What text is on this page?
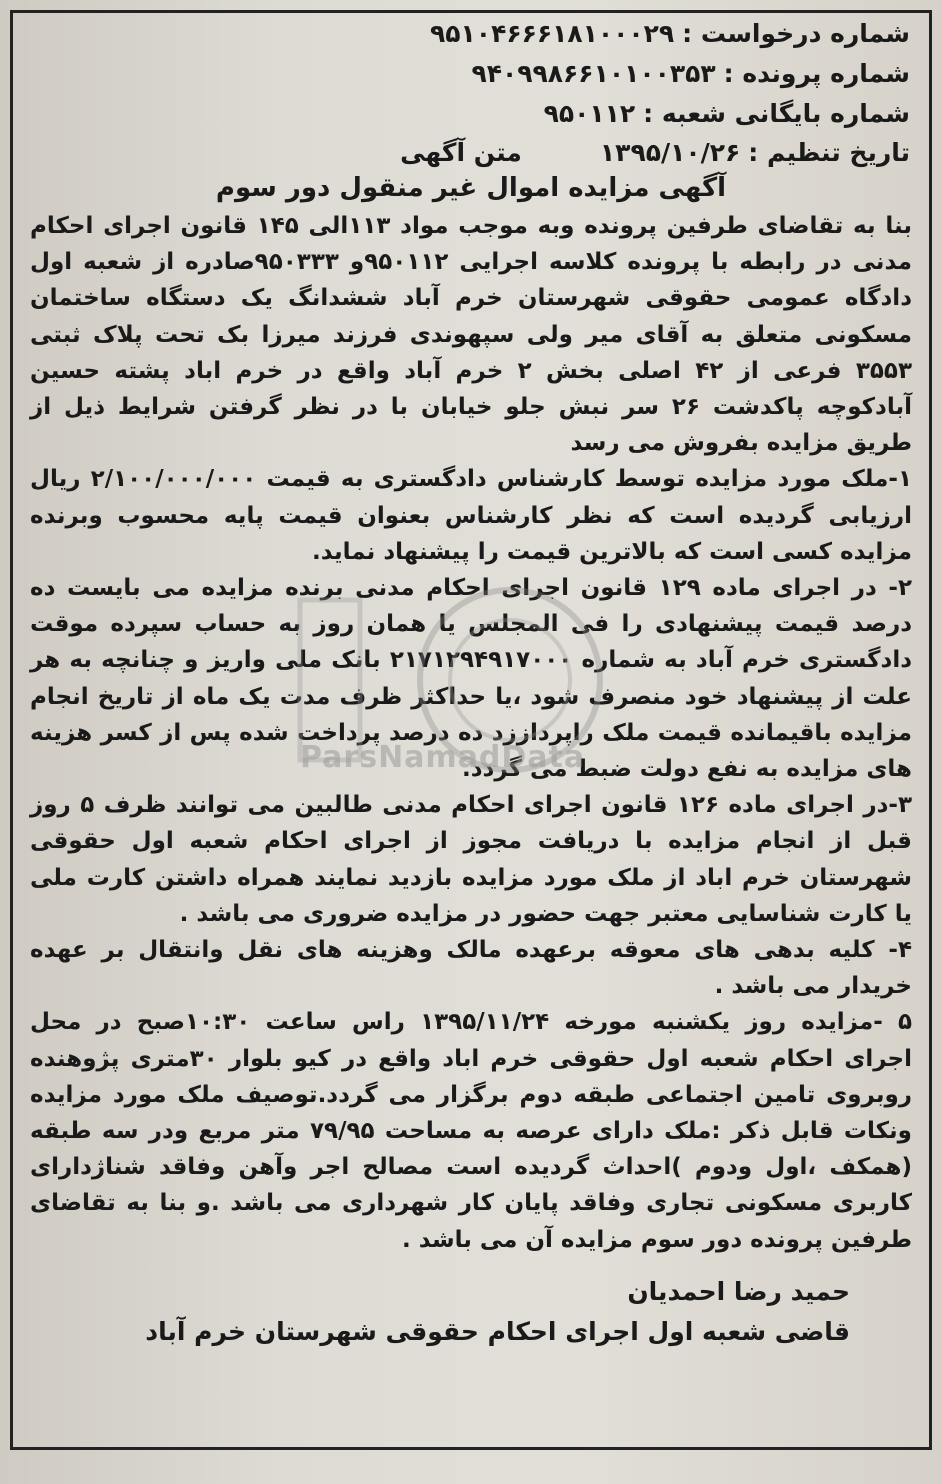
شماره درخواست :
۹۵۱۰۴۶۶۶۱۸۱۰۰۰۲۹
شماره پرونده :
۹۴۰۹۹۸۶۶۱۰۱۰۰۳۵۳
شماره بایگانی شعبه :
۹۵۰۱۱۲
تاریخ تنظیم :
۱۳۹۵/۱۰/۲۶
متن آگهی
آگهی مزایده اموال غیر منقول دور سوم

بنا به تقاضای طرفین پرونده وبه موجب مواد ۱۱۳الی ۱۴۵ قانون اجرای احکام مدنی در رابطه با پرونده کلاسه اجرایی ۹۵۰۱۱۲و ۹۵۰۳۳۳صادره از شعبه اول دادگاه عمومی حقوقی شهرستان خرم آباد ششدانگ یک دستگاه ساختمان مسکونی متعلق به آقای میر ولی سپهوندی فرزند میرزا بک تحت پلاک ثبتی ۳۵۵۳ فرعی از ۴۲ اصلی بخش ۲ خرم آباد واقع در خرم اباد پشته حسین آبادکوچه پاکدشت ۲۶ سر نبش جلو خیابان با در نظر گرفتن شرایط ذیل از طریق مزایده بفروش می رسد

۱-ملک مورد مزایده توسط کارشناس دادگستری به قیمت ۲/۱۰۰/۰۰۰/۰۰۰ ریال ارزیابی گردیده است که نظر کارشناس بعنوان قیمت پایه محسوب وبرنده مزایده کسی است که بالاترین قیمت را پیشنهاد نماید.

۲- در اجرای ماده ۱۲۹ قانون اجرای احکام مدنی برنده مزایده می بایست ده درصد قیمت پیشنهادی را فی المجلس یا همان روز به حساب سپرده موقت دادگستری خرم آباد به شماره ۲۱۷۱۲۹۴۹۱۷۰۰۰ بانک ملی واریز و چنانچه به هر علت از پیشنهاد خود منصرف شود ،یا حداکثر ظرف مدت یک ماه از تاریخ انجام مزایده باقیمانده قیمت ملک راپرداززد ده درصد پرداخت شده پس از کسر هزینه های مزایده به نفع دولت ضبط می گردد.

۳-در اجرای ماده ۱۲۶ قانون اجرای احکام مدنی طالبین می توانند ظرف ۵ روز قبل از انجام مزایده با دریافت مجوز از اجرای احکام شعبه اول حقوقی شهرستان خرم اباد از ملک مورد مزایده بازدید نمایند همراه داشتن کارت ملی یا کارت شناسایی معتبر جهت حضور در مزایده ضروری می باشد .

۴- کلیه بدهی های معوقه برعهده مالک وهزینه های نقل وانتقال بر عهده خریدار می باشد .

۵ -مزایده روز یکشنبه مورخه ۱۳۹۵/۱۱/۲۴ راس ساعت ۱۰:۳۰صبح در محل اجرای احکام شعبه اول حقوقی خرم اباد واقع در کیو بلوار ۳۰متری پژوهنده روبروی تامین اجتماعی طبقه دوم برگزار می گردد.توصیف ملک مورد مزایده ونکات قابل ذکر :ملک دارای عرصه به مساحت ۷۹/۹۵ متر مربع ودر سه طبقه (همکف ،اول ودوم )احداث گردیده است مصالح اجر وآهن وفاقد شناژدارای کاربری مسکونی تجاری وفاقد پایان کار شهرداری می باشد .و بنا به تقاضای طرفین پرونده دور سوم مزایده آن می باشد .

حمید رضا احمدیان
قاضی شعبه اول اجرای احکام حقوقی شهرستان خرم آباد
ParsNamadData
